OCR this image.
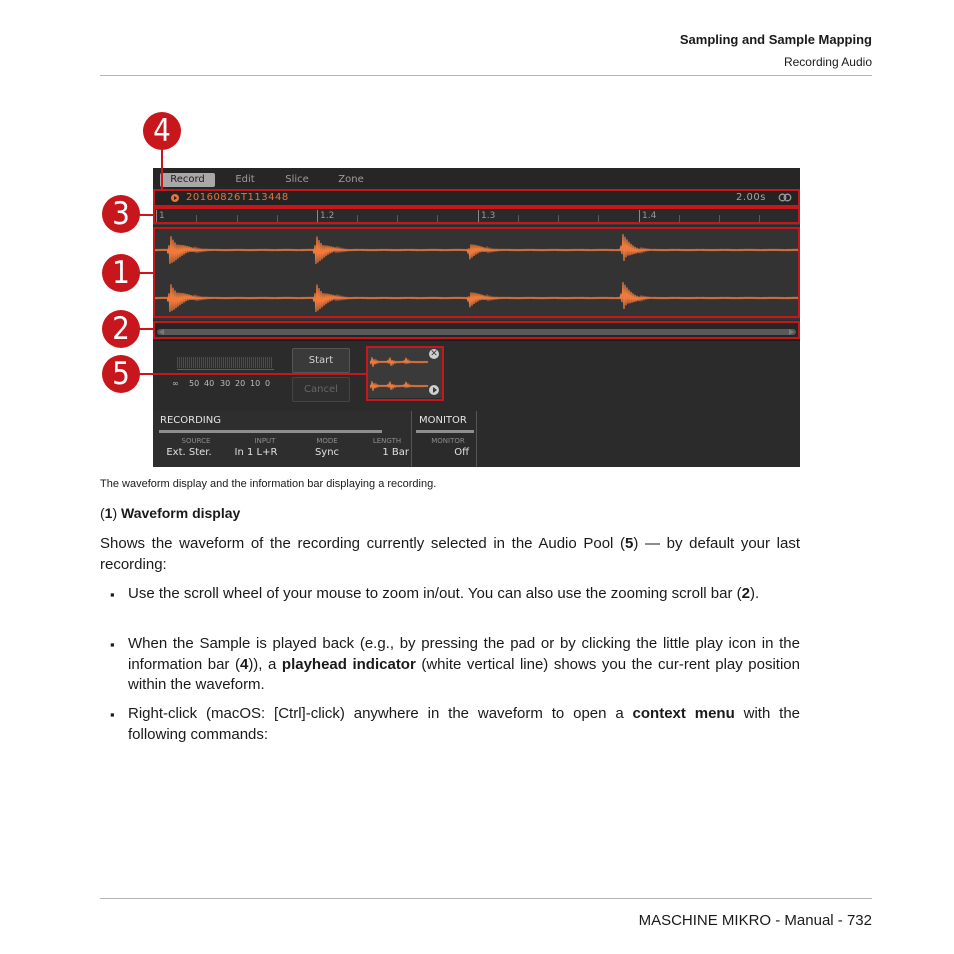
Sampling and Sample Mapping
Recording Audio
Record	Edit	Slice	Zone
20160826T113448	2.00s
1	1.2	1.3	1.4
∞ 50 40 30 20 10 0
Start
Cancel
✕
RECORDING	MONITOR
SOURCE
Ext. Ster.
INPUT
In 1 L+R
MODE
Sync
LENGTH
1 Bar
MONITOR
Off
4
3
1
2
5
The waveform display and the information bar displaying a recording.
(1) Waveform display
Shows the waveform of the recording currently selected in the Audio Pool (5) — by default your last recording:
▪ Use the scroll wheel of your mouse to zoom in/out. You can also use the zooming scroll bar (2).
▪ When the Sample is played back (e.g., by pressing the pad or by clicking the little play icon in the information bar (4)), a playhead indicator (white vertical line) shows you the cur-rent play position within the waveform.
▪ Right-click (macOS: [Ctrl]-click) anywhere in the waveform to open a context menu with the following commands:
MASCHINE MIKRO - Manual - 732
